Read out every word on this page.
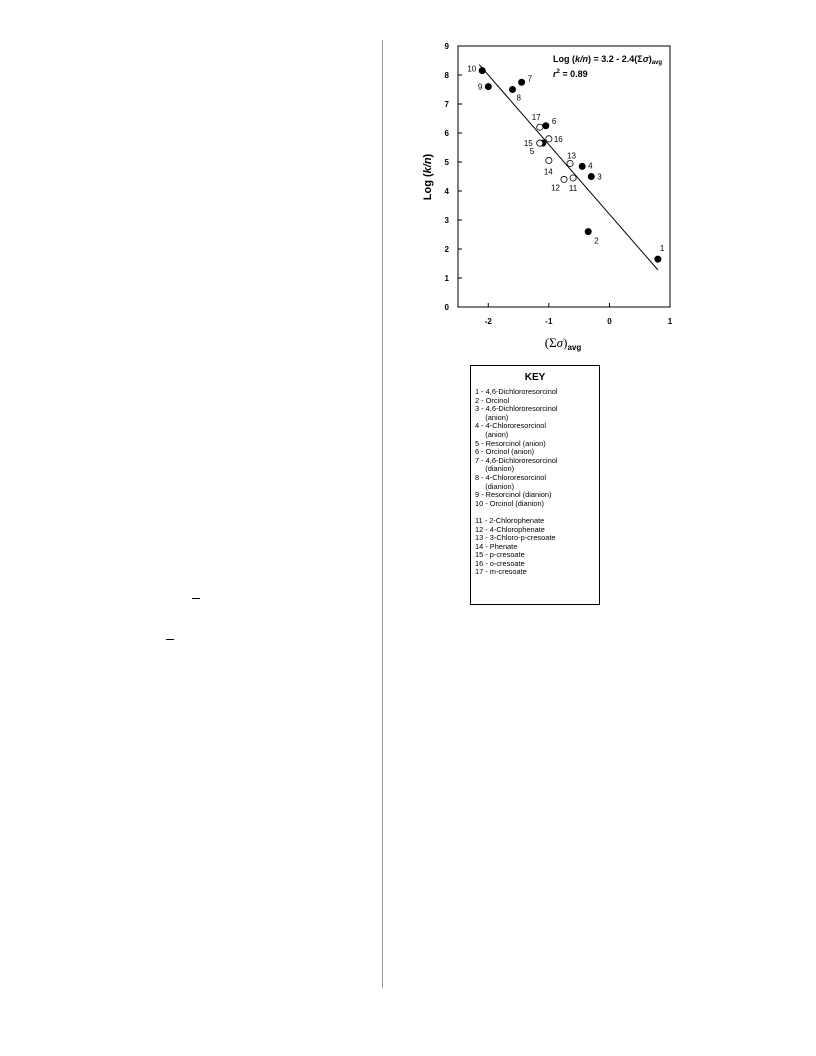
0
1
2
3
4
5
6
7
8
9
-2	-1	0	1
1
2
3
4
5
6
7
8
9
10
11
12
13
14
15	16
17
Log (k/n)
$(\Sigma\sigma)_{avg}$
Log $(k/n) = 3.2 - 2.4(\Sigma\sigma)_{avg}$
$r^2 = 0.89$
KEY
1 - 4,6-Dichlororesorcinol
2 - Orcinol
3 - 4,6-Dichlororesorcinol
(anion)
4 - 4-Chlororesorcinol
(anion)
5 - Resorcinol (anion)
6 - Orcinol (anion)
7 - 4,6-Dichlororesorcinol
(dianion)
8 - 4-Chlororesorcinol
(dianion)
9 - Resorcinol (dianion)
10 - Orcinol (dianion)
11 - 2-Chlorophenate
12 - 4-Chlorophenate
13 - 3-Chloro-p-cresoate
14 - Phenate
15 - p-cresoate
16 - o-cresoate
17 - m-cresoate
